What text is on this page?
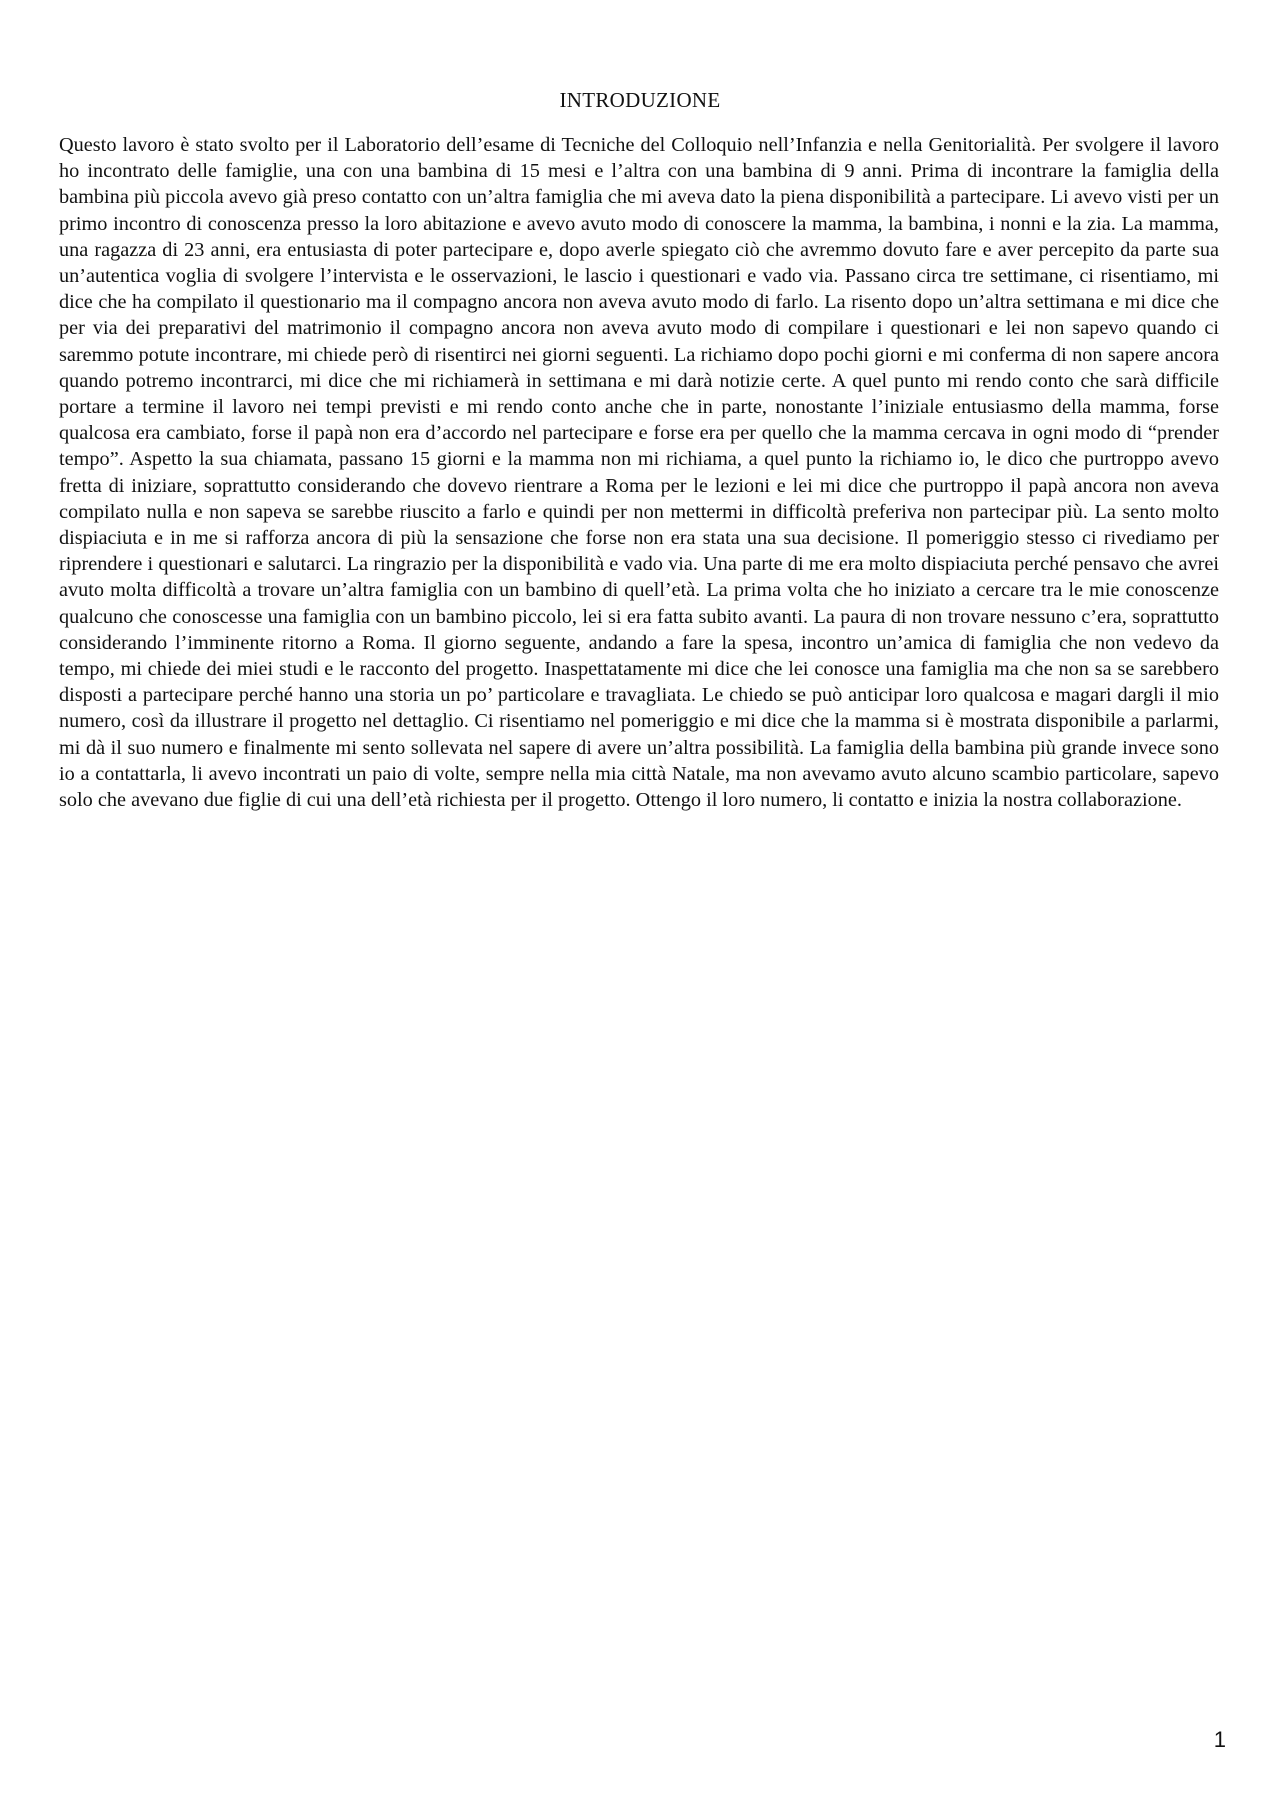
INTRODUZIONE

Questo lavoro è stato svolto per il Laboratorio dell’esame di Tecniche del Colloquio nell’Infanzia e nella Genitorialità. Per svolgere il lavoro ho incontrato delle famiglie, una con una bambina di 15 mesi e l’altra con una bambina di 9 anni. Prima di incontrare la famiglia della bambina più piccola avevo già preso contatto con un’altra famiglia che mi aveva dato la piena disponibilità a partecipare. Li avevo visti per un primo incontro di conoscenza presso la loro abitazione e avevo avuto modo di conoscere la mamma, la bambina, i nonni e la zia. La mamma, una ragazza di 23 anni, era entusiasta di poter partecipare e, dopo averle spiegato ciò che avremmo dovuto fare e aver percepito da parte sua un’autentica voglia di svolgere l’intervista e le osservazioni, le lascio i questionari e vado via. Passano circa tre settimane, ci risentiamo, mi dice che ha compilato il questionario ma il compagno ancora non aveva avuto modo di farlo. La risento dopo un’altra settimana e mi dice che per via dei preparativi del matrimonio il compagno ancora non aveva avuto modo di compilare i questionari e lei non sapevo quando ci saremmo potute incontrare, mi chiede però di risentirci nei giorni seguenti. La richiamo dopo pochi giorni e mi conferma di non sapere ancora quando potremo incontrarci, mi dice che mi richiamerà in settimana e mi darà notizie certe. A quel punto mi rendo conto che sarà difficile portare a termine il lavoro nei tempi previsti e mi rendo conto anche che in parte, nonostante l’iniziale entusiasmo della mamma, forse qualcosa era cambiato, forse il papà non era d’accordo nel partecipare e forse era per quello che la mamma cercava in ogni modo di “prender tempo”. Aspetto la sua chiamata, passano 15 giorni e la mamma non mi richiama, a quel punto la richiamo io, le dico che purtroppo avevo fretta di iniziare, soprattutto considerando che dovevo rientrare a Roma per le lezioni e lei mi dice che purtroppo il papà ancora non aveva compilato nulla e non sapeva se sarebbe riuscito a farlo e quindi per non mettermi in difficoltà preferiva non partecipar più. La sento molto dispiaciuta e in me si rafforza ancora di più la sensazione che forse non era stata una sua decisione. Il pomeriggio stesso ci rivediamo per riprendere i questionari e salutarci. La ringrazio per la disponibilità e vado via. Una parte di me era molto dispiaciuta perché pensavo che avrei avuto molta difficoltà a trovare un’altra famiglia con un bambino di quell’età. La prima volta che ho iniziato a cercare tra le mie conoscenze qualcuno che conoscesse una famiglia con un bambino piccolo, lei si era fatta subito avanti. La paura di non trovare nessuno c’era, soprattutto considerando l’imminente ritorno a Roma. Il giorno seguente, andando a fare la spesa, incontro un’amica di famiglia che non vedevo da tempo, mi chiede dei miei studi e le racconto del progetto. Inaspettatamente mi dice che lei conosce una famiglia ma che non sa se sarebbero disposti a partecipare perché hanno una storia un po’ particolare e travagliata. Le chiedo se può anticipar loro qualcosa e magari dargli il mio numero, così da illustrare il progetto nel dettaglio. Ci risentiamo nel pomeriggio e mi dice che la mamma si è mostrata disponibile a parlarmi, mi dà il suo numero e finalmente mi sento sollevata nel sapere di avere un’altra possibilità. La famiglia della bambina più grande invece sono io a contattarla, li avevo incontrati un paio di volte, sempre nella mia città Natale, ma non avevamo avuto alcuno scambio particolare, sapevo solo che avevano due figlie di cui una dell’età richiesta per il progetto. Ottengo il loro numero, li contatto e inizia la nostra collaborazione.

1
